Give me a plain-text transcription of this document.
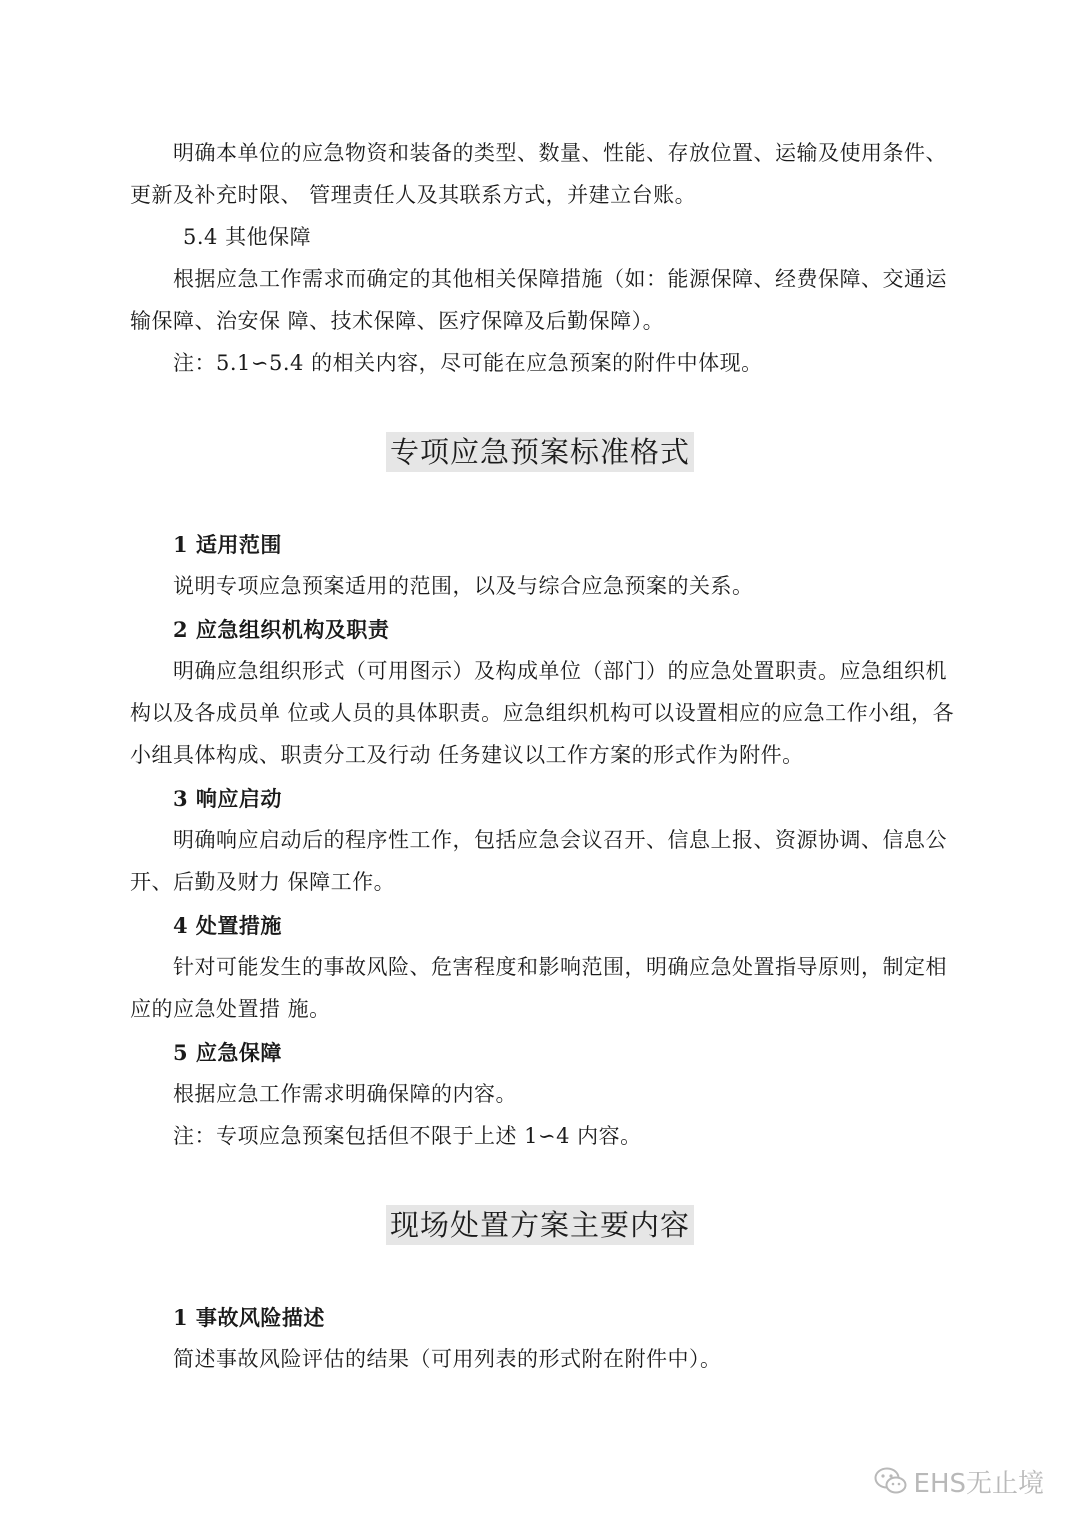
明确本单位的应急物资和装备的类型、数量、性能、存放位置、运输及使用条件、更新及补充时限、 管理责任人及其联系方式，并建立台账。

5.4 其他保障

根据应急工作需求而确定的其他相关保障措施（如：能源保障、经费保障、交通运输保障、治安保 障、技术保障、医疗保障及后勤保障）。

注：5.1∽5.4 的相关内容，尽可能在应急预案的附件中体现。

专项应急预案标准格式

1 适用范围

说明专项应急预案适用的范围，以及与综合应急预案的关系。

2 应急组织机构及职责

明确应急组织形式（可用图示）及构成单位（部门）的应急处置职责。应急组织机构以及各成员单 位或人员的具体职责。应急组织机构可以设置相应的应急工作小组，各小组具体构成、职责分工及行动 任务建议以工作方案的形式作为附件。

3 响应启动

明确响应启动后的程序性工作，包括应急会议召开、信息上报、资源协调、信息公开、后勤及财力 保障工作。

4 处置措施

针对可能发生的事故风险、危害程度和影响范围，明确应急处置指导原则，制定相应的应急处置措 施。

5 应急保障

根据应急工作需求明确保障的内容。

注：专项应急预案包括但不限于上述 1∽4 内容。

现场处置方案主要内容

1 事故风险描述

简述事故风险评估的结果（可用列表的形式附在附件中）。

EHS无止境
